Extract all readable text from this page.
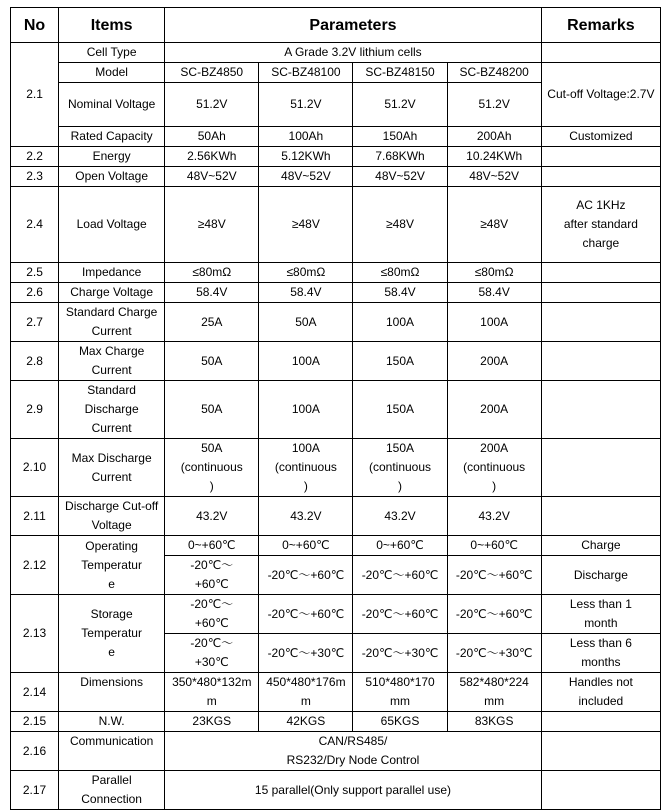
No	Items	Parameters				Remarks
2.1	Cell Type	A Grade 3.2V lithium cells				
	Model	SC-BZ4850	SC-BZ48100	SC-BZ48150	SC-BZ48200	Cut-off Voltage:2.7V
	Nominal Voltage	51.2V	51.2V	51.2V	51.2V	
	Rated Capacity	50Ah	100Ah	150Ah	200Ah	Customized
2.2	Energy	2.56KWh	5.12KWh	7.68KWh	10.24KWh	
2.3	Open Voltage	48V~52V	48V~52V	48V~52V	48V~52V	
2.4	Load Voltage	≥48V	≥48V	≥48V	≥48V	AC 1KHz after standard charge
2.5	Impedance	≤80mΩ	≤80mΩ	≤80mΩ	≤80mΩ	
2.6	Charge Voltage	58.4V	58.4V	58.4V	58.4V	
2.7	Standard Charge Current	25A	50A	100A	100A	
2.8	Max Charge Current	50A	100A	150A	200A	
2.9	Standard Discharge Current	50A	100A	150A	200A	
2.10	Max Discharge Current	50A (continuous)	100A (continuous)	150A (continuous)	200A (continuous)	
2.11	Discharge Cut-off Voltage	43.2V	43.2V	43.2V	43.2V	
2.12	Operating Temperature	0~+60℃	0~+60℃	0~+60℃	0~+60℃	Charge
		-20℃～+60℃	-20℃～+60℃	-20℃～+60℃	-20℃～+60℃	Discharge
2.13	Storage Temperature	-20℃～+60℃	-20℃～+60℃	-20℃～+60℃	-20℃～+60℃	Less than 1 month
		-20℃～+30℃	-20℃～+30℃	-20℃～+30℃	-20℃～+30℃	Less than 6 months
2.14	Dimensions	350*480*132mm	450*480*176mm	510*480*170 mm	582*480*224 mm	Handles not included
2.15	N.W.	23KGS	42KGS	65KGS	83KGS	
2.16	Communication	CAN/RS485/
RS232/Dry Node Control				

2.17	Parallel Connection	15 parallel(Only support parallel use)				
